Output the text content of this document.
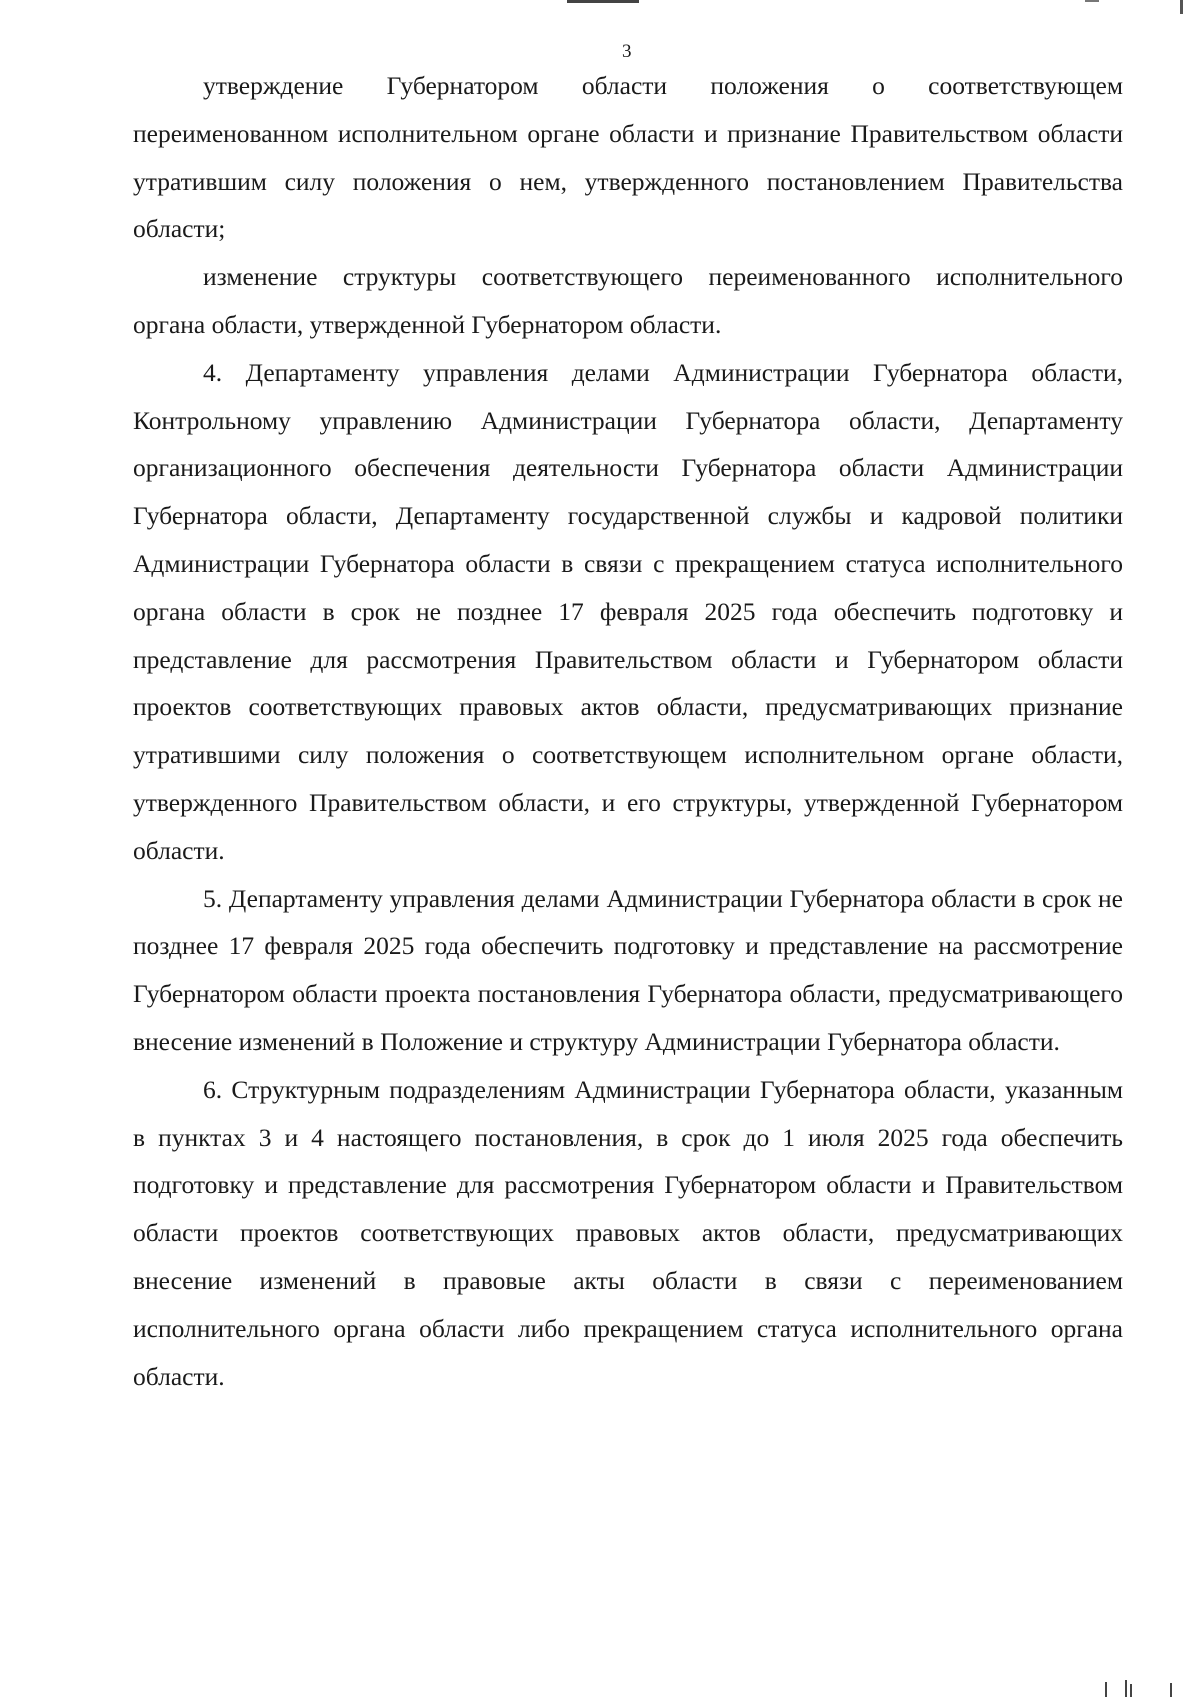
3

утверждение Губернатором области положения о соответствующем переименованном исполнительном органе области и признание Правительством области утратившим силу положения о нем, утвержденного постановлением Правительства области;

изменение структуры соответствующего переименованного исполнительного органа области, утвержденной Губернатором области.

4. Департаменту управления делами Администрации Губернатора области, Контрольному управлению Администрации Губернатора области, Департаменту организационного обеспечения деятельности Губернатора области Администрации Губернатора области, Департаменту государственной службы и кадровой политики Администрации Губернатора области в связи с прекращением статуса исполнительного органа области в срок не позднее 17 февраля 2025 года обеспечить подготовку и представление для рассмотрения Правительством области и Губернатором области проектов соответствующих правовых актов области, предусматривающих признание утратившими силу положения о соответствующем исполнительном органе области, утвержденного Правительством области, и его структуры, утвержденной Губернатором области.

5. Департаменту управления делами Администрации Губернатора области в срок не позднее 17 февраля 2025 года обеспечить подготовку и представление на рассмотрение Губернатором области проекта постановления Губернатора области, предусматривающего внесение изменений в Положение и структуру Администрации Губернатора области.

6. Структурным подразделениям Администрации Губернатора области, указанным в пунктах 3 и 4 настоящего постановления, в срок до 1 июля 2025 года обеспечить подготовку и представление для рассмотрения Губернатором области и Правительством области проектов соответствующих правовых актов области, предусматривающих внесение изменений в правовые акты области в связи с переименованием исполнительного органа области либо прекращением статуса исполнительного органа области.
